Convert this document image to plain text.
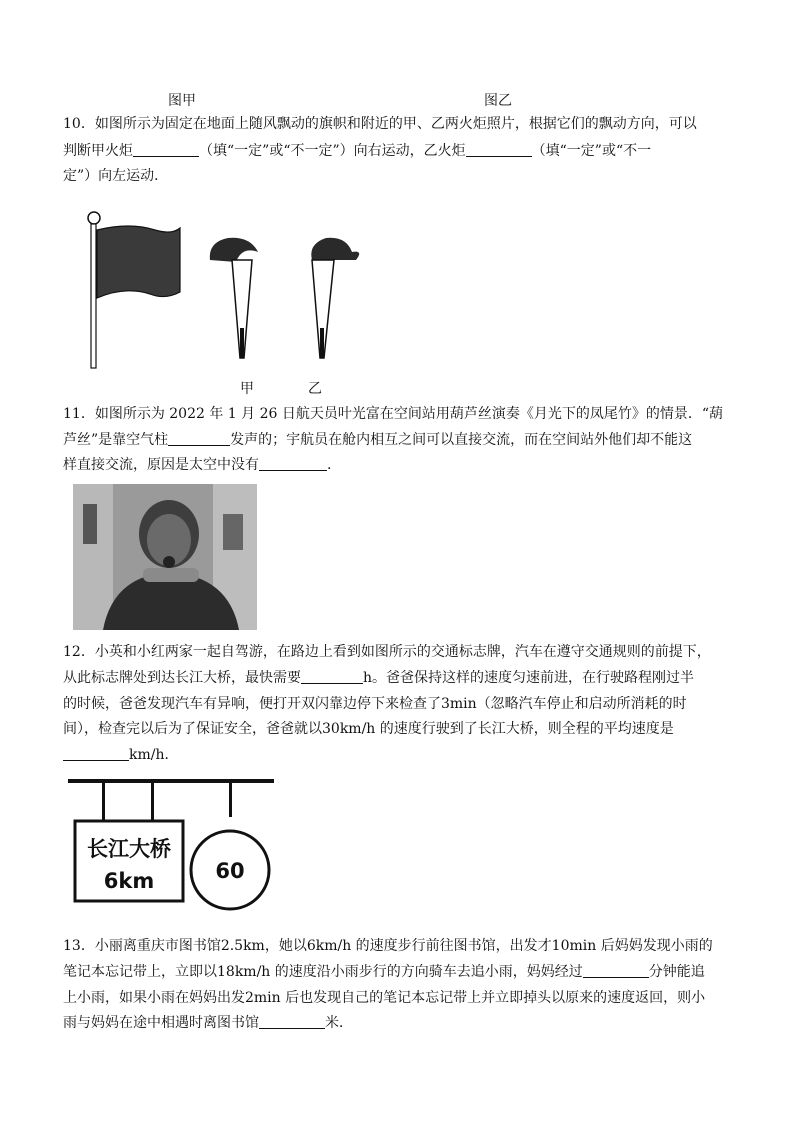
图甲	图乙
10．如图所示为固定在地面上随风飘动的旗帜和附近的甲、乙两火炬照片，根据它们的飘动方向，可以
判断甲火炬	（填“一定”或“不一定”）向右运动，乙火炬	（填“一定”或“不一
定”）向左运动．
甲	乙
11．如图所示为 2022 年 1 月 26 日航天员叶光富在空间站用葫芦丝演奏《月光下的凤尾竹》的情景．“葫
芦丝”是靠空气柱	发声的；宇航员在舱内相互之间可以直接交流，而在空间站外他们却不能这
样直接交流，原因是太空中没有	.
12．小英和小红两家一起自驾游，在路边上看到如图所示的交通标志牌，汽车在遵守交通规则的前提下，
从此标志牌处到达长江大桥，最快需要	h。爸爸保持这样的速度匀速前进，在行驶路程刚过半
的时候，爸爸发现汽车有异响，便打开双闪靠边停下来检查了3min（忽略汽车停止和启动所消耗的时
间），检查完以后为了保证安全，爸爸就以30km/h 的速度行驶到了长江大桥，则全程的平均速度是
km/h．
长江大桥
6km	60
13．小丽离重庆市图书馆2.5km，她以6km/h 的速度步行前往图书馆，出发才10min 后妈妈发现小雨的
笔记本忘记带上，立即以18km/h 的速度沿小雨步行的方向骑车去追小雨，妈妈经过	分钟能追
上小雨，如果小雨在妈妈出发2min 后也发现自己的笔记本忘记带上并立即掉头以原来的速度返回，则小
雨与妈妈在途中相遇时离图书馆	米．
